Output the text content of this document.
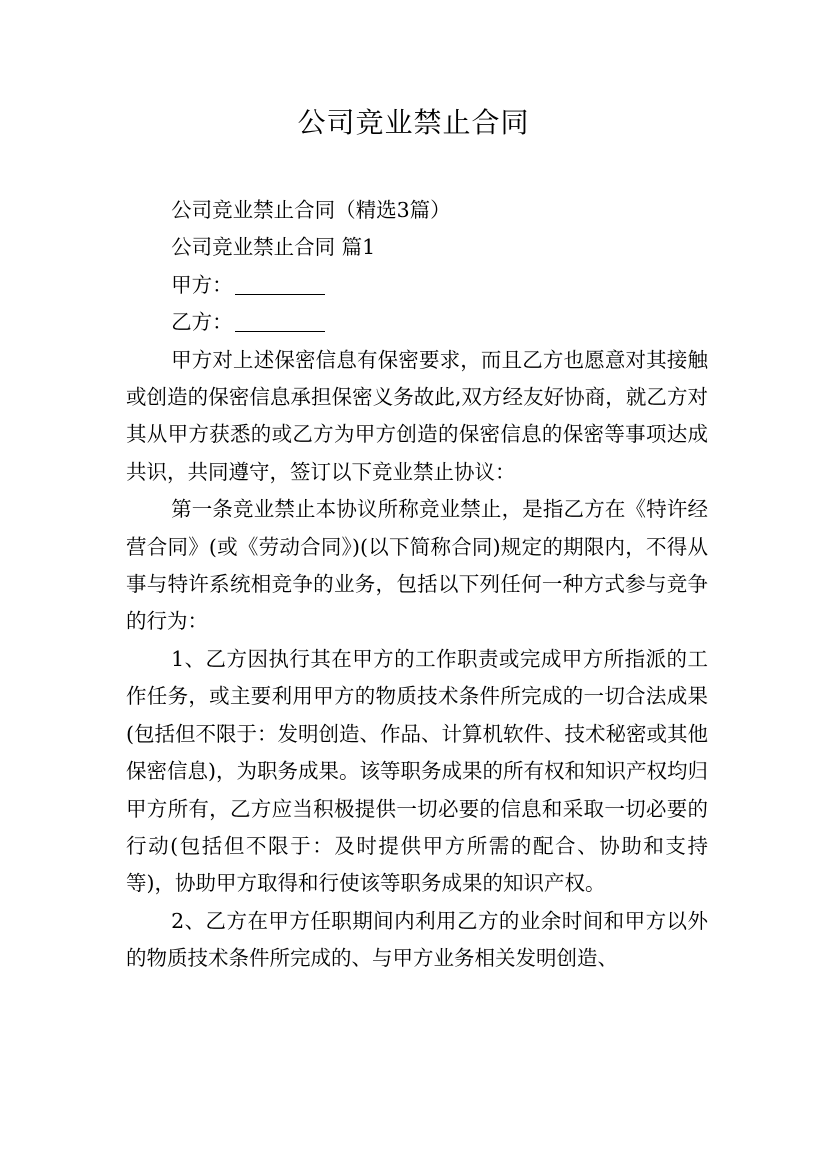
公司竞业禁止合同

公司竞业禁止合同（精选3篇）

公司竞业禁止合同 篇1

甲方：

乙方：

甲方对上述保密信息有保密要求，而且乙方也愿意对其接触或创造的保密信息承担保密义务故此,双方经友好协商，就乙方对其从甲方获悉的或乙方为甲方创造的保密信息的保密等事项达成共识，共同遵守，签订以下竞业禁止协议：

第一条竞业禁止本协议所称竞业禁止，是指乙方在《特许经营合同》(或《劳动合同》)(以下简称合同)规定的期限内，不得从事与特许系统相竞争的业务，包括以下列任何一种方式参与竞争的行为：

1、乙方因执行其在甲方的工作职责或完成甲方所指派的工作任务，或主要利用甲方的物质技术条件所完成的一切合法成果(包括但不限于：发明创造、作品、计算机软件、技术秘密或其他保密信息)，为职务成果。该等职务成果的所有权和知识产权均归甲方所有，乙方应当积极提供一切必要的信息和采取一切必要的行动(包括但不限于：及时提供甲方所需的配合、协助和支持等)，协助甲方取得和行使该等职务成果的知识产权。

2、乙方在甲方任职期间内利用乙方的业余时间和甲方以外的物质技术条件所完成的、与甲方业务相关发明创造、
